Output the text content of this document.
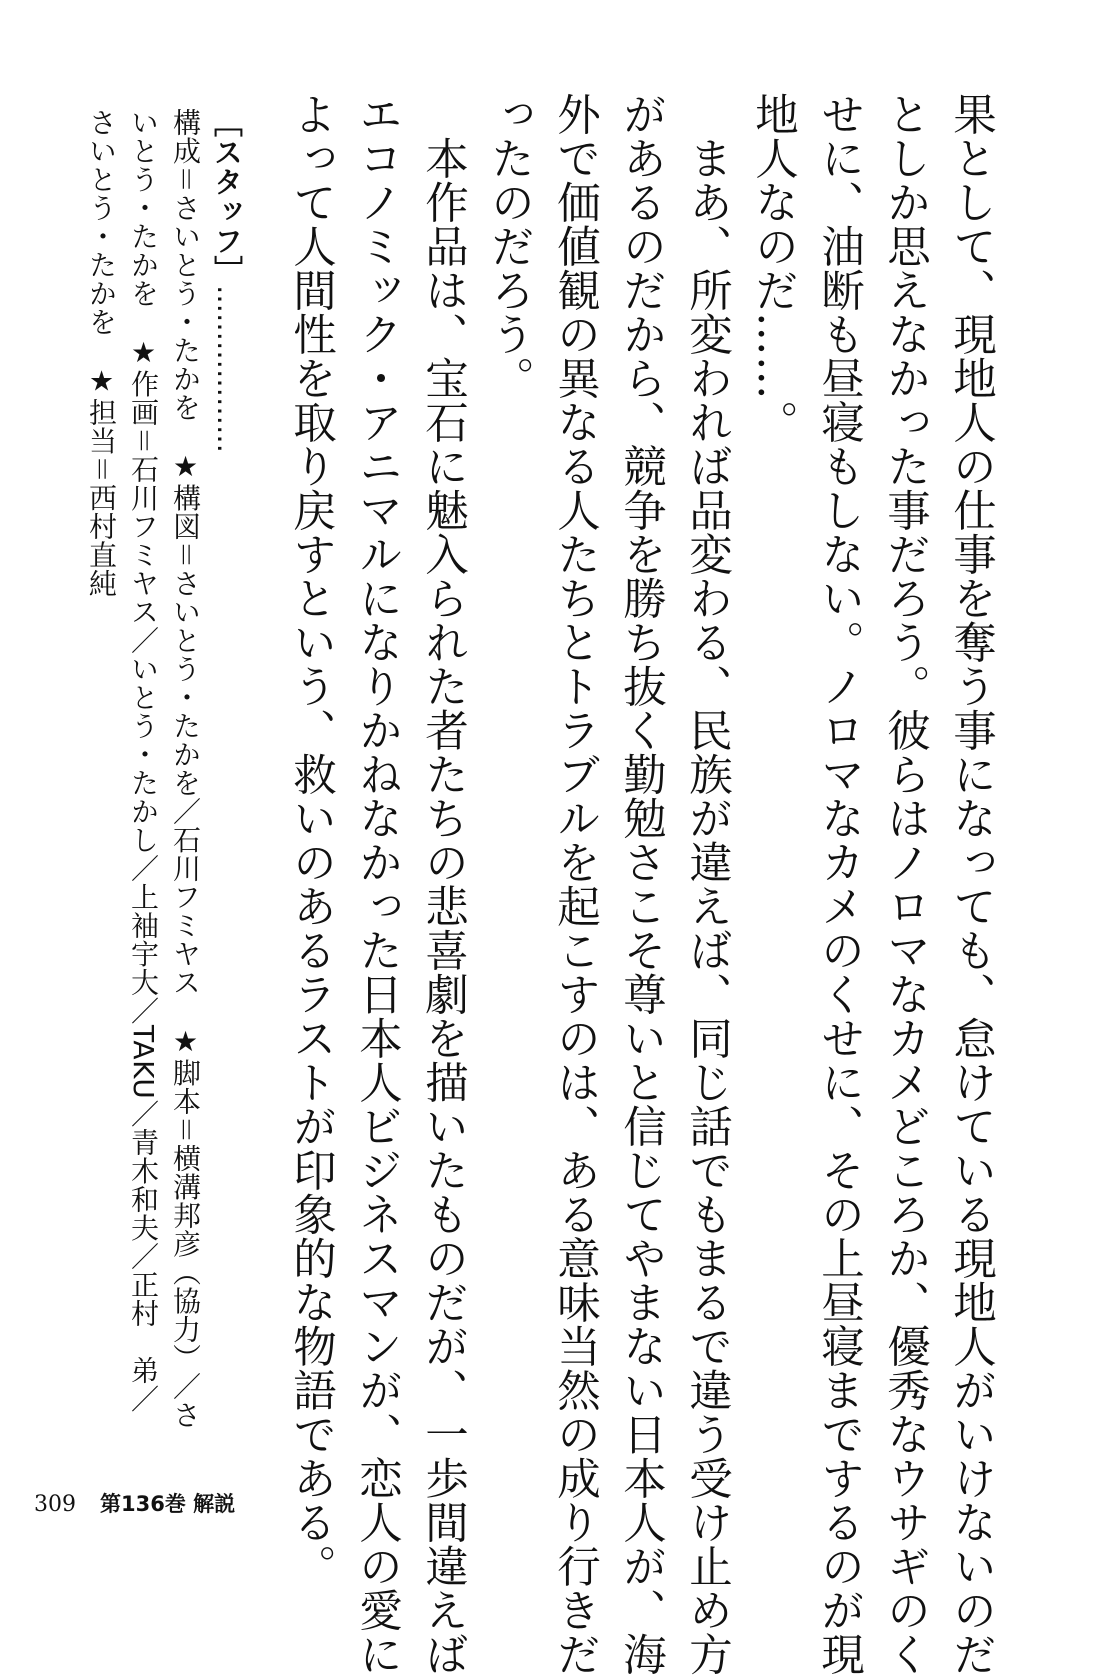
果として、現地人の仕事を奪う事になっても、怠けている現地人がいけないのだ
としか思えなかった事だろう。彼らはノロマなカメどころか、優秀なウサギのく
せに、油断も昼寝もしない。ノロマなカメのくせに、その上昼寝までするのが現
地人なのだ……。
　まあ、所変われば品変わる、民族が違えば、同じ話でもまるで違う受け止め方
があるのだから、競争を勝ち抜く勤勉さこそ尊いと信じてやまない日本人が、海
外で価値観の異なる人たちとトラブルを起こすのは、ある意味当然の成り行きだ
ったのだろう。
　本作品は、宝石に魅入られた者たちの悲喜劇を描いたものだが、一歩間違えば
エコノミック・アニマルになりかねなかった日本人ビジネスマンが、恋人の愛に
よって人間性を取り戻すという、救いのあるラストが印象的な物語である。
［スタッフ］………………
構成＝さいとう・たかを　★構図＝さいとう・たかを／石川フミヤス　★脚本＝横溝邦彦（協力）／さ
いとう・たかを　★作画＝石川フミヤス／いとう・たかし／上袖宇大／TAKU／青木和夫／正村　弟／
さいとう・たかを　★担当＝西村直純
309 第136巻 解説
